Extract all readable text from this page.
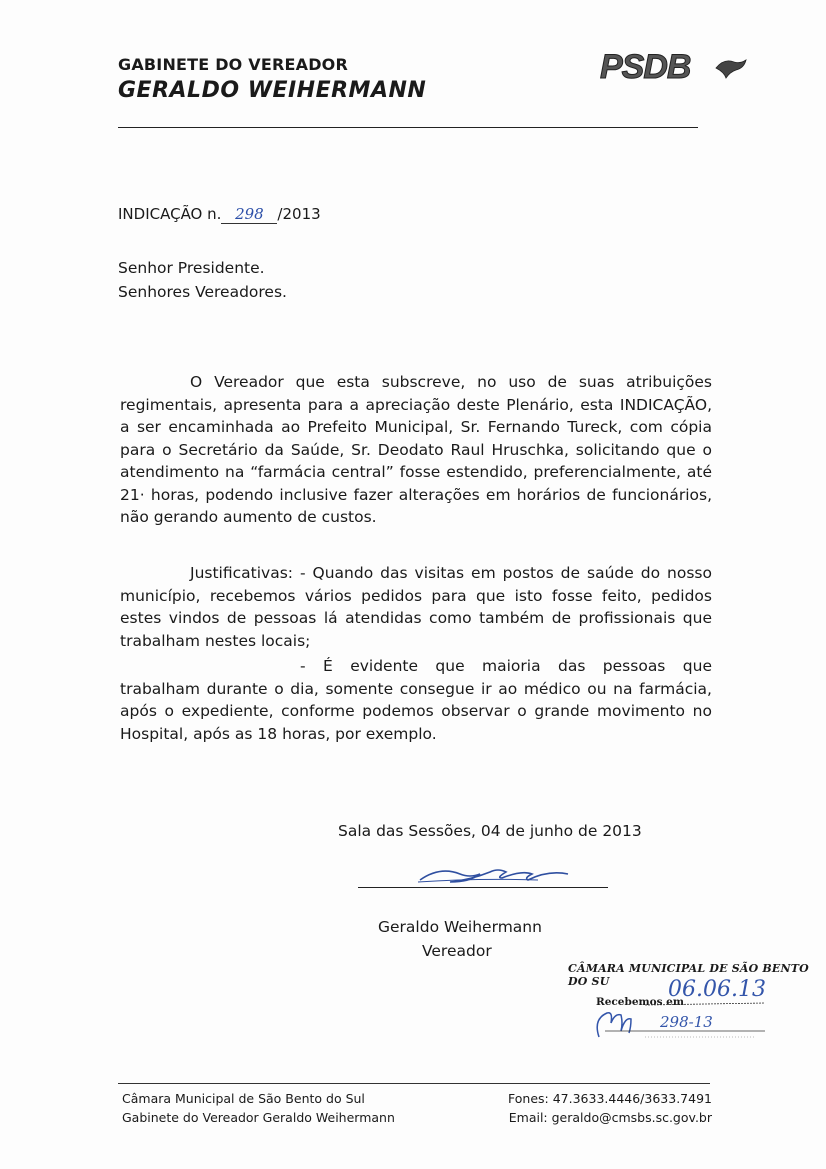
GABINETE DO VEREADOR
GERALDO WEIHERMANN
PSDB
INDICAÇÃO n. 298 /2013
Senhor Presidente.
Senhores Vereadores.
O Vereador que esta subscreve, no uso de suas atribuições regimentais, apresenta para a apreciação deste Plenário, esta INDICAÇÃO, a ser encaminhada ao Prefeito Municipal, Sr. Fernando Tureck, com cópia para o Secretário da Saúde, Sr. Deodato Raul Hruschka, solicitando que o atendimento na “farmácia central” fosse estendido, preferencialmente, até 21· horas, podendo inclusive fazer alterações em horários de funcionários, não gerando aumento de custos.
Justificativas: - Quando das visitas em postos de saúde do nosso município, recebemos vários pedidos para que isto fosse feito, pedidos estes vindos de pessoas lá atendidas como também de profissionais que trabalham nestes locais;
- É evidente que maioria das pessoas que
trabalham durante o dia, somente consegue ir ao médico ou na farmácia, após o expediente, conforme podemos observar o grande movimento no Hospital, após as 18 horas, por exemplo.
Sala das Sessões, 04 de junho de 2013
Geraldo Weihermann
Vereador
CÂMARA MUNICIPAL DE SÃO BENTO DO SU
Recebemos em
06.06.13
298-13
Câmara Municipal de São Bento do Sul
Gabinete do Vereador Geraldo Weihermann
Fones: 47.3633.4446/3633.7491
Email: geraldo@cmsbs.sc.gov.br
